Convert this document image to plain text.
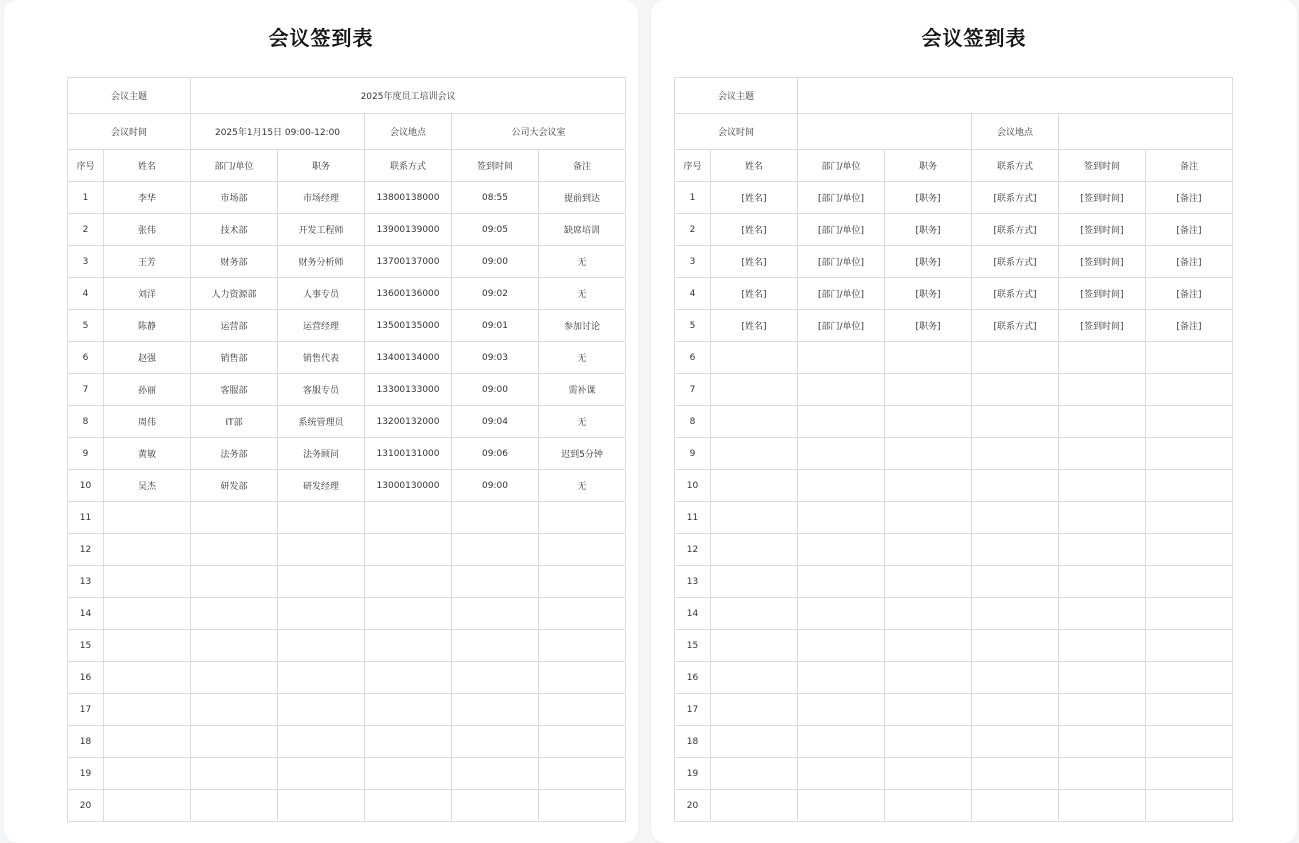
会议签到表
会议主题		2025年度员工培训会议				
会议时间		2025年1月15日 09:00-12:00		会议地点	公司大会议室	
序号	姓名	部门/单位	职务	联系方式	签到时间	备注
1	李华	市场部	市场经理	13800138000	08:55	提前到达
2	张伟	技术部	开发工程师	13900139000	09:05	缺席培训
3	王芳	财务部	财务分析师	13700137000	09:00	无
4	刘洋	人力资源部	人事专员	13600136000	09:02	无
5	陈静	运营部	运营经理	13500135000	09:01	参加讨论
6	赵强	销售部	销售代表	13400134000	09:03	无
7	孙丽	客服部	客服专员	13300133000	09:00	需补课
8	周伟	IT部	系统管理员	13200132000	09:04	无
9	黄敏	法务部	法务顾问	13100131000	09:06	迟到5分钟
10	吴杰	研发部	研发经理	13000130000	09:00	无
11						
12						
13						
14						
15						
16						
17						
18						
19						
20						
会议签到表
会议主题						
会议时间				会议地点		
序号	姓名	部门/单位	职务	联系方式	签到时间	备注
1	[姓名]	[部门/单位]	[职务]	[联系方式]	[签到时间]	[备注]
2	[姓名]	[部门/单位]	[职务]	[联系方式]	[签到时间]	[备注]
3	[姓名]	[部门/单位]	[职务]	[联系方式]	[签到时间]	[备注]
4	[姓名]	[部门/单位]	[职务]	[联系方式]	[签到时间]	[备注]
5	[姓名]	[部门/单位]	[职务]	[联系方式]	[签到时间]	[备注]
6						
7						
8						
9						
10						
11						
12						
13						
14						
15						
16						
17						
18						
19						
20						
